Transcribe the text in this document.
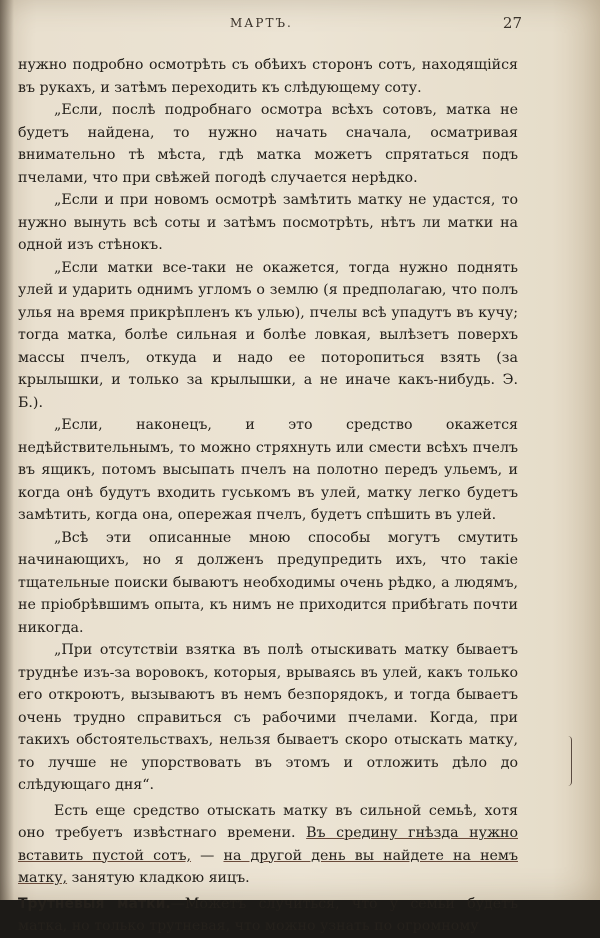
МАРТЪ.	27

нужно подробно осмотрѣть съ обѣихъ сторонъ сотъ, находящійся въ рукахъ, и затѣмъ переходить къ слѣдующему соту.

„Если, послѣ подробнаго осмотра всѣхъ сотовъ, матка не будетъ найдена, то нужно начать сначала, осматривая внимательно тѣ мѣста, гдѣ матка можетъ спрятаться подъ пчелами, что при свѣжей погодѣ случается нерѣдко.

„Если и при новомъ осмотрѣ замѣтить матку не удастся, то нужно вынуть всѣ соты и затѣмъ посмотрѣть, нѣтъ ли матки на одной изъ стѣнокъ.

„Если матки все-таки не окажется, тогда нужно поднять улей и ударить однимъ угломъ о землю (я предполагаю, что полъ улья на время прикрѣпленъ къ улью), пчелы всѣ упадутъ въ кучу; тогда матка, болѣе сильная и болѣе ловкая, вылѣзетъ поверхъ массы пчелъ, откуда и надо ее поторопиться взять (за крылышки, и только за крылышки, а не иначе какъ-нибудь. Э. Б.).

„Если, наконецъ, и это средство окажется недѣйствительнымъ, то можно стряхнуть или смести всѣхъ пчелъ въ ящикъ, потомъ высыпать пчелъ на полотно передъ ульемъ, и когда онѣ будутъ входить гуськомъ въ улей, матку легко будетъ замѣтить, когда она, опережая пчелъ, будетъ спѣшить въ улей.

„Всѣ эти описанные мною способы могутъ смутить начинающихъ, но я долженъ предупредить ихъ, что такіе тщательные поиски бываютъ необходимы очень рѣдко, а людямъ, не пріобрѣвшимъ опыта, къ нимъ не приходится прибѣгать почти никогда.

„При отсутствіи взятка въ полѣ отыскивать матку бываетъ труднѣе изъ-за воровокъ, которыя, врываясь въ улей, какъ только его откроютъ, вызываютъ въ немъ безпорядокъ, и тогда бываетъ очень трудно справиться съ рабочими пчелами. Когда, при такихъ обстоятельствахъ, нельзя бываетъ скоро отыскать матку, то лучше не упорствовать въ этомъ и отложить дѣло до слѣдующаго дня“.

Есть еще средство отыскать матку въ сильной семьѣ, хотя оно требуетъ извѣстнаго времени. Въ средину гнѣзда нужно вставить пустой сотъ, — на другой день вы найдете на немъ матку, занятую кладкою яицъ.

Трутневыя матки.—Можетъ случиться, что у семьи будетъ матка, но только трутневая, что можно узнать по огромному
